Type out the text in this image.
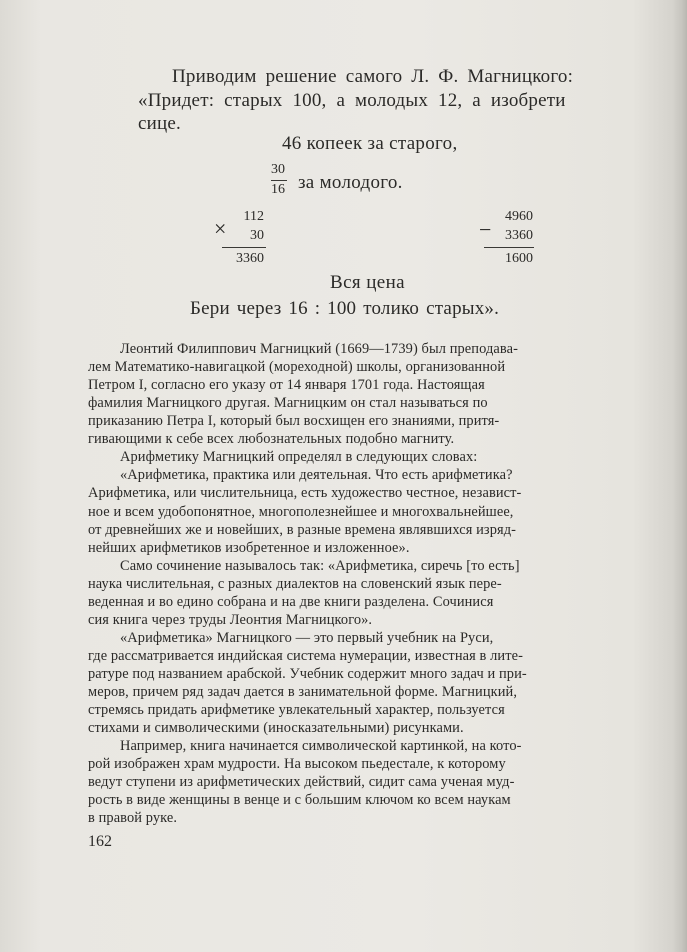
Приводим решение самого Л. Ф. Магницкого:

«Придет: старых 100, а молодых 12, а изобрети

сице.

46 копеек за старого,

30
16 за молодого.

×	112
30
3360
−
4960
3360
1600

Вся цена

Бери через 16 : 100 толико старых».

Леонтий Филиппович Магницкий (1669—1739) был преподава-

лем Математико-навигацкой (мореходной) школы, организованной

Петром I, согласно его указу от 14 января 1701 года. Настоящая

фамилия Магницкого другая. Магницким он стал называться по

приказанию Петра I, который был восхищен его знаниями, притя-

гивающими к себе всех любознательных подобно магниту.

Арифметику Магницкий определял в следующих словах:

«Арифметика, практика или деятельная. Что есть арифметика?

Арифметика, или числительница, есть художество честное, независт-

ное и всем удобопонятное, многополезнейшее и многохвальнейшее,

от древнейших же и новейших, в разные времена являвшихся изряд-

нейших арифметиков изобретенное и изложенное».

Само сочинение называлось так: «Арифметика, сиречь [то есть]

наука числительная, с разных диалектов на словенский язык пере-

веденная и во едино собрана и на две книги разделена. Сочинися

сия книга через труды Леонтия Магницкого».

«Арифметика» Магницкого — это первый учебник на Руси,

где рассматривается индийская система нумерации, известная в лите-

ратуре под названием арабской. Учебник содержит много задач и при-

меров, причем ряд задач дается в занимательной форме. Магницкий,

стремясь придать арифметике увлекательный характер, пользуется

стихами и символическими (иносказательными) рисунками.

Например, книга начинается символической картинкой, на кото-

рой изображен храм мудрости. На высоком пьедестале, к которому

ведут ступени из арифметических действий, сидит сама ученая муд-

рость в виде женщины в венце и с большим ключом ко всем наукам

в правой руке.

162
